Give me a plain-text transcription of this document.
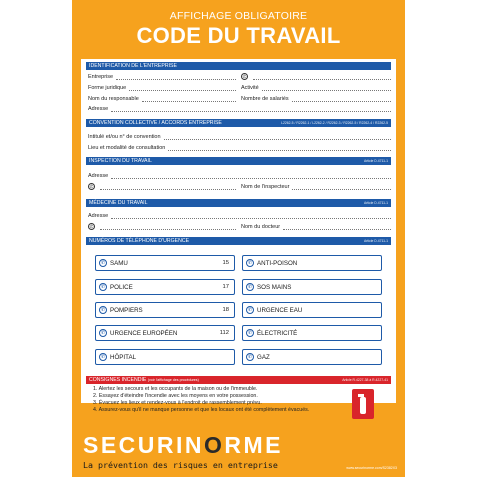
AFFICHAGE OBLIGATOIRE
CODE DU TRAVAIL
IDENTIFICATION DE L'ENTREPRISE
Entreprise	✆
Forme juridique	Activité
Nom du responsable	Nombre de salariés
Adresse
CONVENTION COLLECTIVE / ACCORDS ENTREPRISE	L2262-5 / R2262-1 / L2262-2 / R2262-3 / R2262-5 / R2262-4 / R2262-5
Intitulé et/ou n° de convention
Lieu et modalité de consultation
INSPECTION DU TRAVAIL	Article D.4711-1
Adresse
✆	Nom de l'inspecteur
MÉDECINE DU TRAVAIL	Article D.4711-1
Adresse
✆	Nom du docteur
NUMÉROS DE TÉLÉPHONE D'URGENCE	Article D.4711-1
✆ SAMU	15
✆ POLICE	17
✆ POMPIERS	18
✆ URGENCE EUROPÉEN	112
✆ HÔPITAL
✆ ANTI-POISON
✆ SOS MAINS
✆ URGENCE EAU
✆ ÉLECTRICITÉ
✆ GAZ
CONSIGNES INCENDIE (voir l'affichage des procédures)	Article R.4227-38 à R.4227-41
1. Alertez les secours et les occupants de la maison ou de l'immeuble.
2. Essayez d'éteindre l'incendie avec les moyens en votre possession.
3. Évacuez les lieux et rendez-vous à l'endroit de rassemblement prévu.
4. Assurez-vous qu'il ne manque personne et que les locaux ont été complètement évacués.
SECURINORME
La prévention des risques en entreprise	www.securinorme.com/S2382X3
